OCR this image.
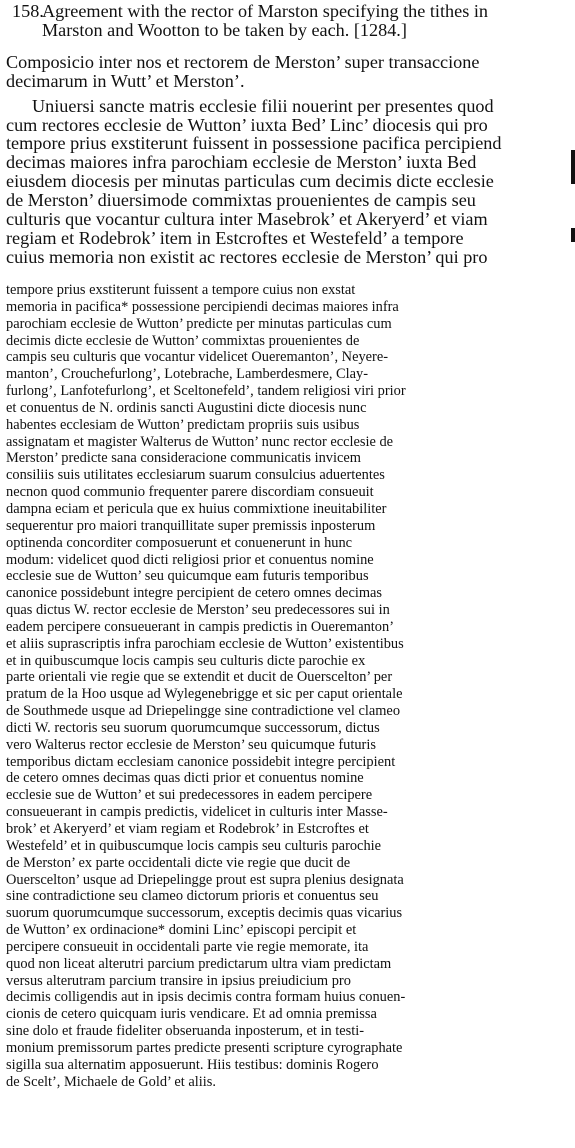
158.Agreement with the rector of Marston specifying the tithes in
Marston and Wootton to be taken by each. [1284.]
Composicio inter nos et rectorem de Merston’ super transaccione
decimarum in Wutt’ et Merston’.
Uniuersi sancte matris ecclesie filii nouerint per presentes quod
cum rectores ecclesie de Wutton’ iuxta Bed’ Linc’ diocesis qui pro
tempore prius exstiterunt fuissent in possessione pacifica percipiend
decimas maiores infra parochiam ecclesie de Merston’ iuxta Bed
eiusdem diocesis per minutas particulas cum decimis dicte ecclesie
de Merston’ diuersimode commixtas prouenientes de campis seu
culturis que vocantur cultura inter Masebrok’ et Akeryerd’ et viam
regiam et Rodebrok’ item in Estcroftes et Westefeld’ a tempore
cuius memoria non existit ac rectores ecclesie de Merston’ qui pro
tempore prius exstiterunt fuissent a tempore cuius non exstat
memoria in pacifica* possessione percipiendi decimas maiores infra
parochiam ecclesie de Wutton’ predicte per minutas particulas cum
decimis dicte ecclesie de Wutton’ commixtas prouenientes de
campis seu culturis que vocantur videlicet Oueremanton’, Neyere-
manton’, Crouchefurlong’, Lotebrache, Lamberdesmere, Clay-
furlong’, Lanfotefurlong’, et Sceltonefeld’, tandem religiosi viri prior
et conuentus de N. ordinis sancti Augustini dicte diocesis nunc
habentes ecclesiam de Wutton’ predictam propriis suis usibus
assignatam et magister Walterus de Wutton’ nunc rector ecclesie de
Merston’ predicte sana consideracione communicatis invicem
consiliis suis utilitates ecclesiarum suarum consulcius aduertentes
necnon quod communio frequenter parere discordiam consueuit
dampna eciam et pericula que ex huius commixtione ineuitabiliter
sequerentur pro maiori tranquillitate super premissis inposterum
optinenda concorditer composuerunt et conuenerunt in hunc
modum: videlicet quod dicti religiosi prior et conuentus nomine
ecclesie sue de Wutton’ seu quicumque eam futuris temporibus
canonice possidebunt integre percipient de cetero omnes decimas
quas dictus W. rector ecclesie de Merston’ seu predecessores sui in
eadem percipere consueuerant in campis predictis in Oueremanton’
et aliis suprascriptis infra parochiam ecclesie de Wutton’ existentibus
et in quibuscumque locis campis seu culturis dicte parochie ex
parte orientali vie regie que se extendit et ducit de Ouerscelton’ per
pratum de la Hoo usque ad Wylegenebrigge et sic per caput orientale
de Southmede usque ad Driepelingge sine contradictione vel clameo
dicti W. rectoris seu suorum quorumcumque successorum, dictus
vero Walterus rector ecclesie de Merston’ seu quicumque futuris
temporibus dictam ecclesiam canonice possidebit integre percipient
de cetero omnes decimas quas dicti prior et conuentus nomine
ecclesie sue de Wutton’ et sui predecessores in eadem percipere
consueuerant in campis predictis, videlicet in culturis inter Masse-
brok’ et Akeryerd’ et viam regiam et Rodebrok’ in Estcroftes et
Westefeld’ et in quibuscumque locis campis seu culturis parochie
de Merston’ ex parte occidentali dicte vie regie que ducit de
Ouerscelton’ usque ad Driepelingge prout est supra plenius designata
sine contradictione seu clameo dictorum prioris et conuentus seu
suorum quorumcumque successorum, exceptis decimis quas vicarius
de Wutton’ ex ordinacione* domini Linc’ episcopi percipit et
percipere consueuit in occidentali parte vie regie memorate, ita
quod non liceat alterutri parcium predictarum ultra viam predictam
versus alterutram parcium transire in ipsius preiudicium pro
decimis colligendis aut in ipsis decimis contra formam huius conuen-
cionis de cetero quicquam iuris vendicare. Et ad omnia premissa
sine dolo et fraude fideliter obseruanda inposterum, et in testi-
monium premissorum partes predicte presenti scripture cyrographate
sigilla sua alternatim apposuerunt. Hiis testibus: dominis Rogero
de Scelt’, Michaele de Gold’ et aliis.
